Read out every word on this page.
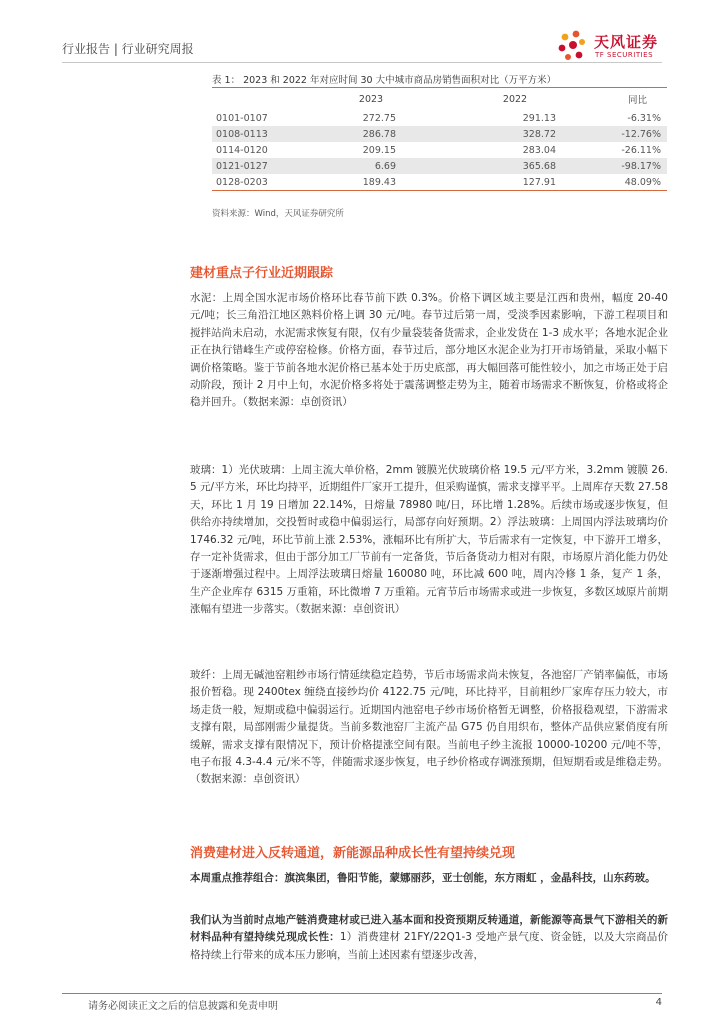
行业报告 | 行业研究周报	天风证券
TF SECURITIES
表 1： 2023 和 2022 年对应时间 30 大中城市商品房销售面积对比（万平方米）
	2023	2022	同比
0101-0107	272.75	291.13	-6.31%
0108-0113	286.78	328.72	-12.76%
0114-0120	209.15	283.04	-26.11%
0121-0127	6.69	365.68	-98.17%
0128-0203	189.43	127.91	48.09%
资料来源：Wind，天风证券研究所
建材重点子行业近期跟踪

水泥：上周全国水泥市场价格环比春节前下跌 0.3%。价格下调区域主要是江西和贵州，幅度 20-40 元/吨；长三角沿江地区熟料价格上调 30 元/吨。春节过后第一周，受淡季因素影响，下游工程项目和搅拌站尚未启动，水泥需求恢复有限，仅有少量袋装备货需求，企业发货在 1-3 成水平；各地水泥企业正在执行错峰生产或停窑检修。价格方面，春节过后，部分地区水泥企业为打开市场销量，采取小幅下调价格策略。鉴于节前各地水泥价格已基本处于历史底部，再大幅回落可能性较小，加之市场正处于启动阶段，预计 2 月中上旬，水泥价格多将处于震荡调整走势为主，随着市场需求不断恢复，价格或将企稳并回升。（数据来源：卓创资讯）

玻璃：1）光伏玻璃：上周主流大单价格，2mm 镀膜光伏玻璃价格 19.5 元/平方米，3.2mm 镀膜 26.5 元/平方米，环比均持平，近期组件厂家开工提升，但采购谨慎，需求支撑平平。上周库存天数 27.58 天，环比 1 月 19 日增加 22.14%，日熔量 78980 吨/日，环比增 1.28%。后续市场或逐步恢复，但供给亦持续增加，交投暂时或稳中偏弱运行，局部存向好预期。2）浮法玻璃：上周国内浮法玻璃均价 1746.32 元/吨，环比节前上涨 2.53%，涨幅环比有所扩大，节后需求有一定恢复，中下游开工增多，存一定补货需求，但由于部分加工厂节前有一定备货，节后备货动力相对有限，市场原片消化能力仍处于逐渐增强过程中。上周浮法玻璃日熔量 160080 吨，环比减 600 吨，周内冷修 1 条，复产 1 条，生产企业库存 6315 万重箱，环比微增 7 万重箱。元宵节后市场需求或进一步恢复，多数区域原片前期涨幅有望进一步落实。（数据来源：卓创资讯）

玻纤：上周无碱池窑粗纱市场行情延续稳定趋势，节后市场需求尚未恢复，各池窑厂产销率偏低，市场报价暂稳。现 2400tex 缠绕直接纱均价 4122.75 元/吨，环比持平，目前粗纱厂家库存压力较大，市场走货一般，短期或稳中偏弱运行。近期国内池窑电子纱市场价格暂无调整，价格报稳观望，下游需求支撑有限，局部刚需少量提货。当前多数池窑厂主流产品 G75 仍自用织布，整体产品供应紧俏度有所缓解，需求支撑有限情况下，预计价格提涨空间有限。当前电子纱主流报 10000-10200 元/吨不等，电子布报 4.3-4.4 元/米不等，伴随需求逐步恢复，电子纱价格或存调涨预期，但短期看或是维稳走势。（数据来源：卓创资讯）

消费建材进入反转通道，新能源品种成长性有望持续兑现

本周重点推荐组合：旗滨集团，鲁阳节能，蒙娜丽莎，亚士创能，东方雨虹 ，金晶科技，山东药玻。

我们认为当前时点地产链消费建材或已进入基本面和投资预期反转通道，新能源等高景气下游相关的新材料品种有望持续兑现成长性：1）消费建材 21FY/22Q1-3 受地产景气度、资金链，以及大宗商品价格持续上行带来的成本压力影响，当前上述因素有望逐步改善，

请务必阅读正文之后的信息披露和免责申明	4
